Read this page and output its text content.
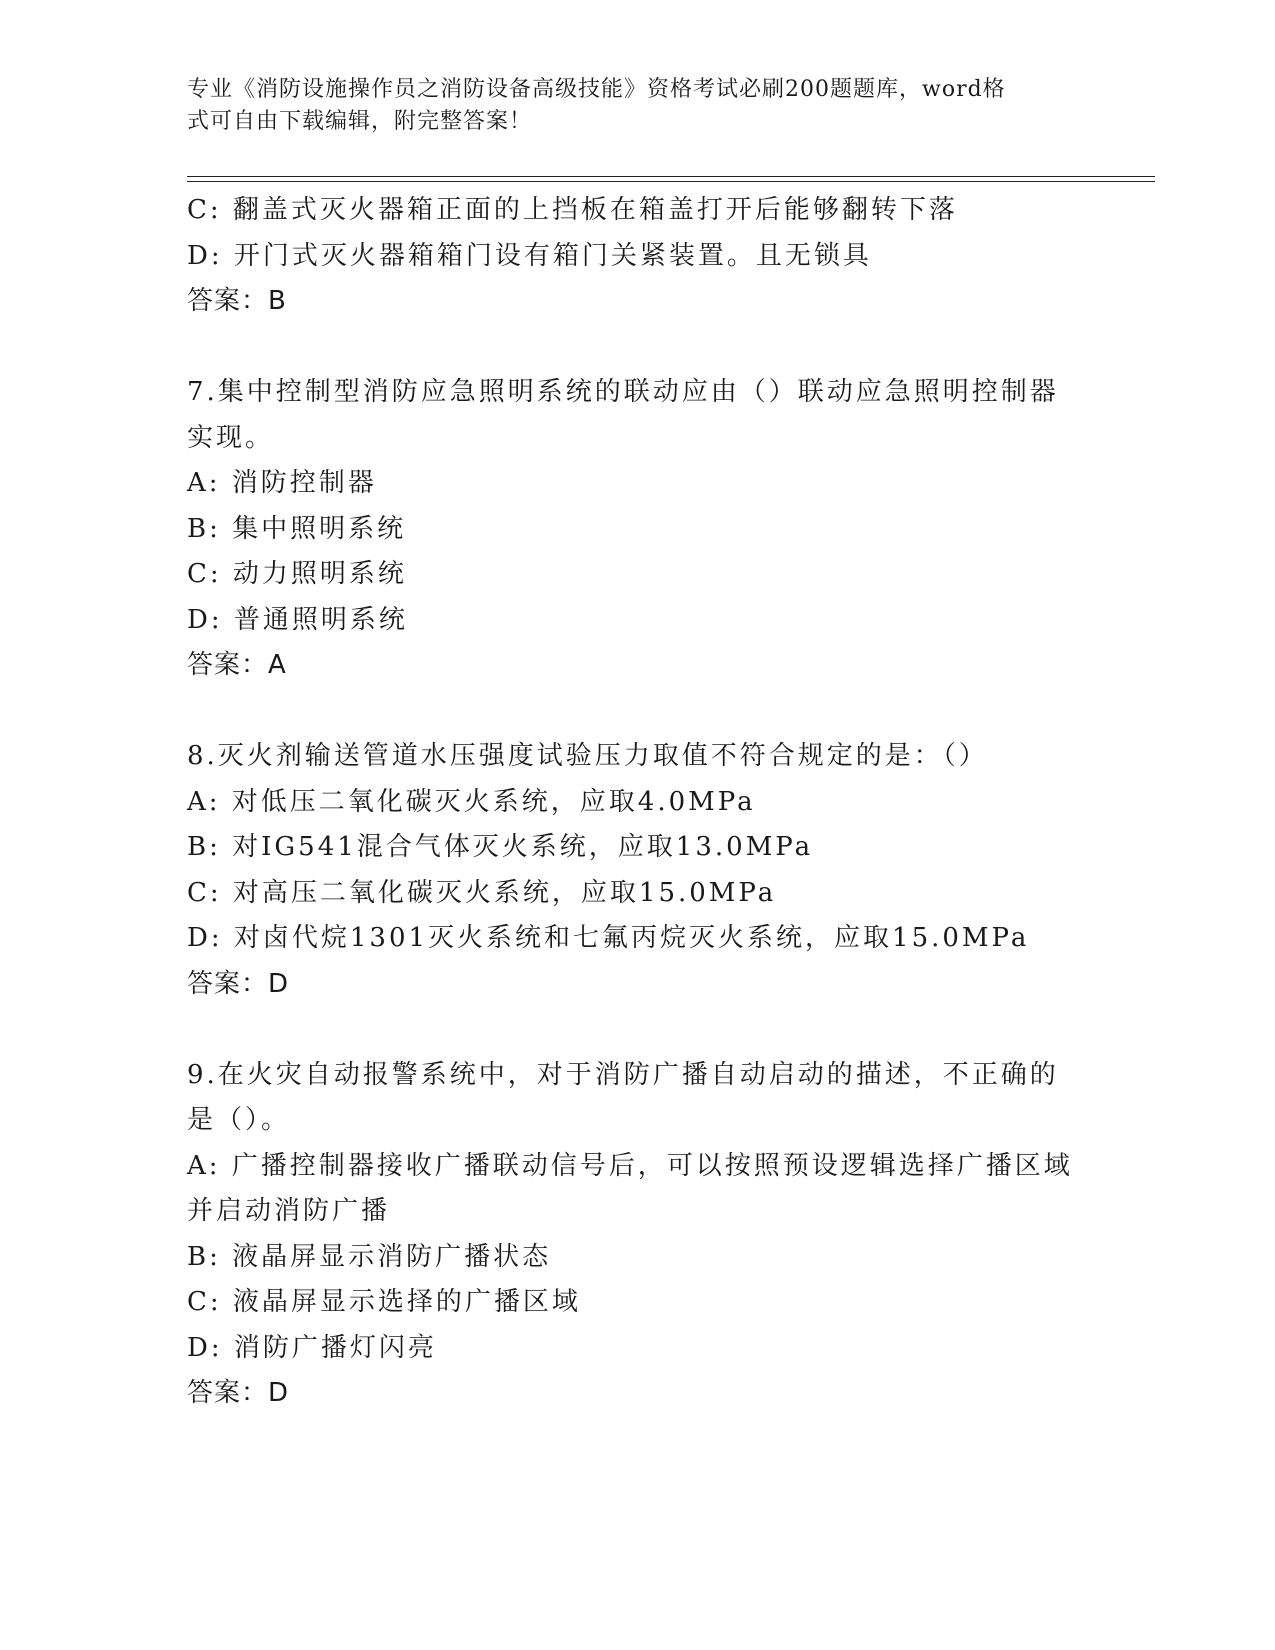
专业《消防设施操作员之消防设备高级技能》资格考试必刷200题题库，word格
式可自由下载编辑，附完整答案！
C: 翻盖式灭火器箱正面的上挡板在箱盖打开后能够翻转下落
D: 开门式灭火器箱箱门设有箱门关紧装置。且无锁具
答案：B
7.集中控制型消防应急照明系统的联动应由（）联动应急照明控制器
实现。
A: 消防控制器
B: 集中照明系统
C: 动力照明系统
D: 普通照明系统
答案：A
8.灭火剂输送管道水压强度试验压力取值不符合规定的是：（）
A: 对低压二氧化碳灭火系统，应取4.0MPa
B: 对IG541混合气体灭火系统，应取13.0MPa
C: 对高压二氧化碳灭火系统，应取15.0MPa
D: 对卤代烷1301灭火系统和七氟丙烷灭火系统，应取15.0MPa
答案：D
9.在火灾自动报警系统中，对于消防广播自动启动的描述，不正确的
是（）。
A: 广播控制器接收广播联动信号后，可以按照预设逻辑选择广播区域
并启动消防广播
B: 液晶屏显示消防广播状态
C: 液晶屏显示选择的广播区域
D: 消防广播灯闪亮
答案：D
